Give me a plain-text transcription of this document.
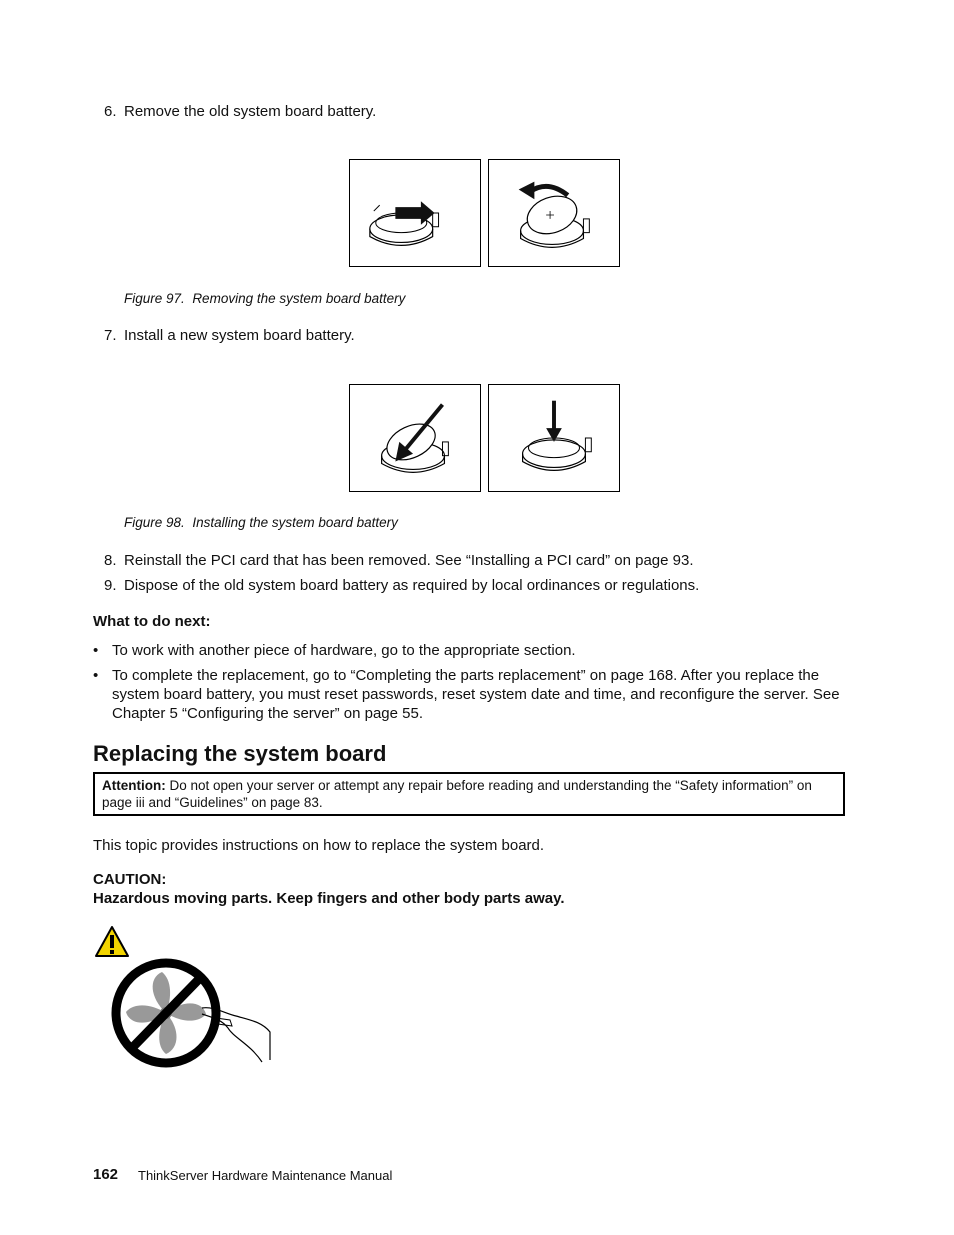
6. Remove the old system board battery.
Figure 97. Removing the system board battery
7. Install a new system board battery.
Figure 98. Installing the system board battery
8. Reinstall the PCI card that has been removed. See “Installing a PCI card” on page 93.
9. Dispose of the old system board battery as required by local ordinances or regulations.
What to do next:
• To work with another piece of hardware, go to the appropriate section.
• To complete the replacement, go to “Completing the parts replacement” on page 168. After you replace the system board battery, you must reset passwords, reset system date and time, and reconfigure the server. See Chapter 5 “Configuring the server” on page 55.
Replacing the system board
Attention: Do not open your server or attempt any repair before reading and understanding the “Safety information” on page iii and “Guidelines” on page 83.
This topic provides instructions on how to replace the system board.
CAUTION:
Hazardous moving parts. Keep fingers and other body parts away.
162 ThinkServer Hardware Maintenance Manual
